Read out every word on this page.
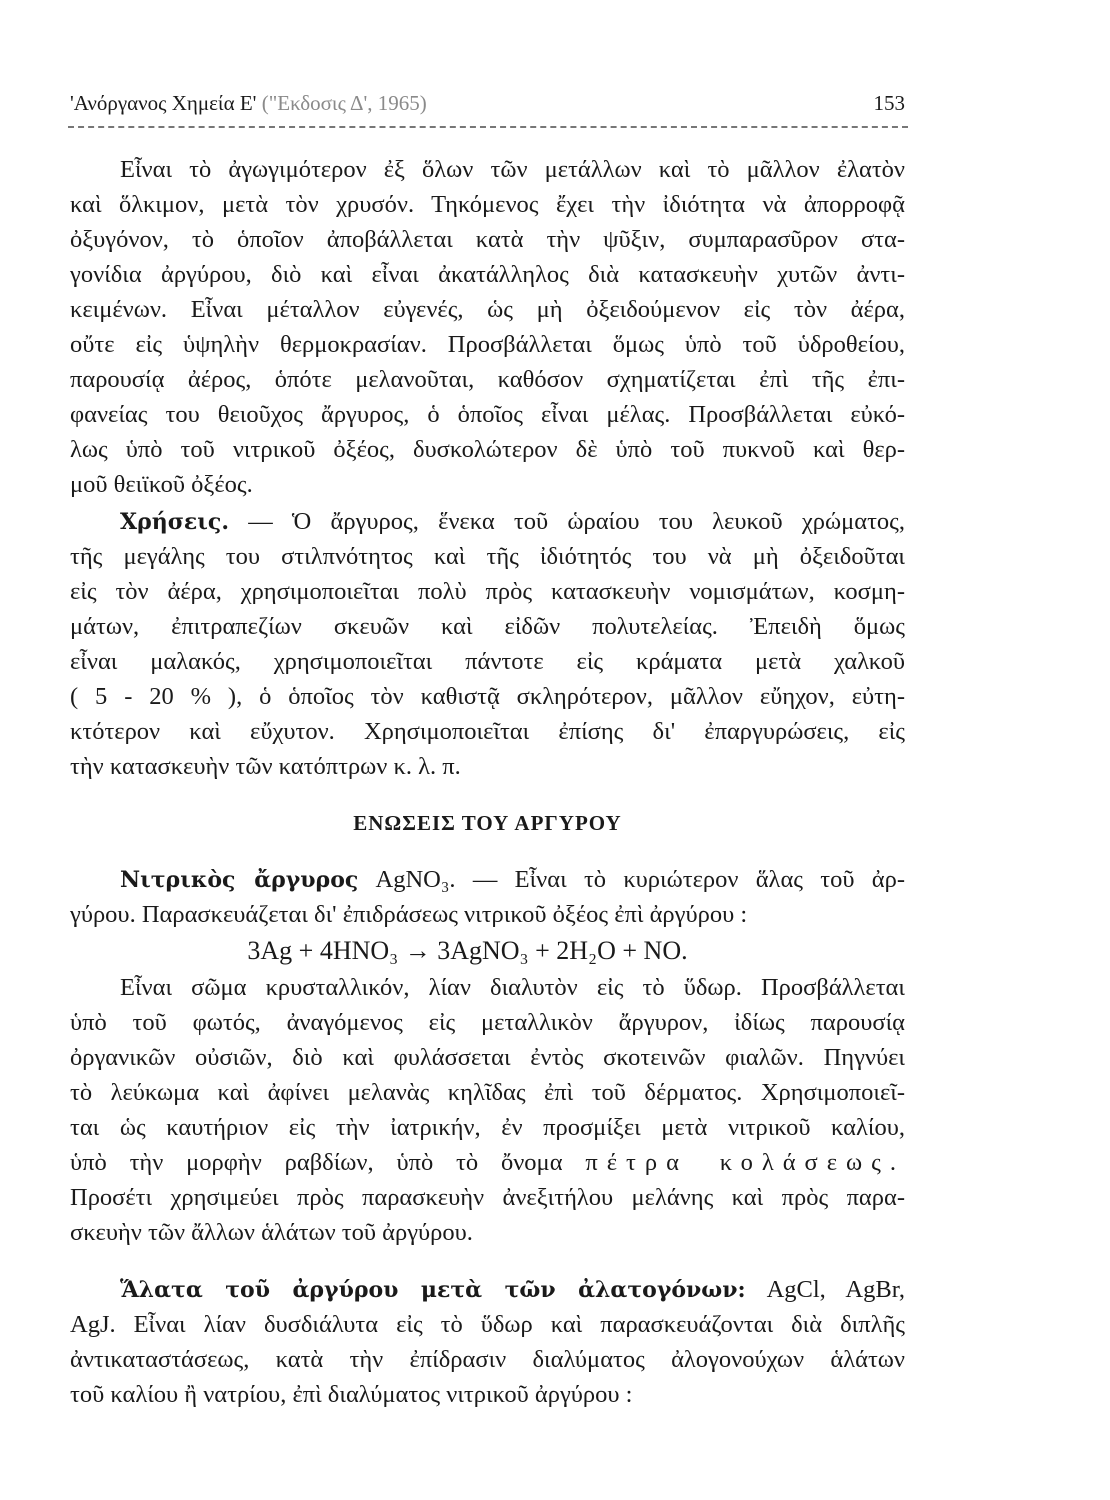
'Ανόργανος Χημεία Ε' ("Εκδοσις Δ', 1965)	153
Εἶναι τὸ ἀγωγιμότερον ἐξ ὅλων τῶν μετάλλων καὶ τὸ μᾶλλον ἐλατὸν
καὶ ὅλκιμον, μετὰ τὸν χρυσόν. Τηκόμενος ἔχει τὴν ἰδιότητα νὰ ἀπορροφᾷ
ὀξυγόνον, τὸ ὁποῖον ἀποβάλλεται κατὰ τὴν ψῦξιν, συμπαρασῦρον στα-
γονίδια ἀργύρου, διὸ καὶ εἶναι ἀκατάλληλος διὰ κατασκευὴν χυτῶν ἀντι-
κειμένων. Εἶναι μέταλλον εὐγενές, ὡς μὴ ὀξειδούμενον εἰς τὸν ἀέρα,
οὔτε εἰς ὑψηλὴν θερμοκρασίαν. Προσβάλλεται ὅμως ὑπὸ τοῦ ὑδροθείου,
παρουσίᾳ ἀέρος, ὁπότε μελανοῦται, καθόσον σχηματίζεται ἐπὶ τῆς ἐπι-
φανείας του θειοῦχος ἄργυρος, ὁ ὁποῖος εἶναι μέλας. Προσβάλλεται εὐκό-
λως ὑπὸ τοῦ νιτρικοῦ ὀξέος, δυσκολώτερον δὲ ὑπὸ τοῦ πυκνοῦ καὶ θερ-
μοῦ θειϊκοῦ ὀξέος.
Χρήσεις. — Ὁ ἄργυρος, ἕνεκα τοῦ ὡραίου του λευκοῦ χρώματος,
τῆς μεγάλης του στιλπνότητος καὶ τῆς ἰδιότητός του νὰ μὴ ὀξειδοῦται
εἰς τὸν ἀέρα, χρησιμοποιεῖται πολὺ πρὸς κατασκευὴν νομισμάτων, κοσμη-
μάτων, ἐπιτραπεζίων σκευῶν καὶ εἰδῶν πολυτελείας. Ἐπειδὴ ὅμως
εἶναι μαλακός, χρησιμοποιεῖται πάντοτε εἰς κράματα μετὰ χαλκοῦ
( 5 - 20 % ), ὁ ὁποῖος τὸν καθιστᾷ σκληρότερον, μᾶλλον εὔηχον, εὐτη-
κτότερον καὶ εὔχυτον. Χρησιμοποιεῖται ἐπίσης δι' ἐπαργυρώσεις, εἰς
τὴν κατασκευὴν τῶν κατόπτρων κ. λ. π.
ΕΝΩΣΕΙΣ ΤΟΥ ΑΡΓΥΡΟΥ
Νιτρικὸς ἄργυρος AgNO₃. — Εἶναι τὸ κυριώτερον ἅλας τοῦ ἀρ-
γύρου. Παρασκευάζεται δι' ἐπιδράσεως νιτρικοῦ ὀξέος ἐπὶ ἀργύρου :
3Ag + 4HNO₃ → 3AgNO₃ + 2H₂O + NO.
Εἶναι σῶμα κρυσταλλικόν, λίαν διαλυτὸν εἰς τὸ ὕδωρ. Προσβάλλεται
ὑπὸ τοῦ φωτός, ἀναγόμενος εἰς μεταλλικὸν ἄργυρον, ἰδίως παρουσίᾳ
ὀργανικῶν οὐσιῶν, διὸ καὶ φυλάσσεται ἐντὸς σκοτεινῶν φιαλῶν. Πηγνύει
τὸ λεύκωμα καὶ ἀφίνει μελανὰς κηλῖδας ἐπὶ τοῦ δέρματος. Χρησιμοποιεῖ-
ται ὡς καυτήριον εἰς τὴν ἰατρικήν, ἐν προσμίξει μετὰ νιτρικοῦ καλίου,
ὑπὸ τὴν μορφὴν ραβδίων, ὑπὸ τὸ ὄνομα πέτρα κολάσεως.
Προσέτι χρησιμεύει πρὸς παρασκευὴν ἀνεξιτήλου μελάνης καὶ πρὸς παρα-
σκευὴν τῶν ἄλλων ἁλάτων τοῦ ἀργύρου.
Ἅλατα τοῦ ἀργύρου μετὰ τῶν ἀλατογόνων: AgCl, AgBr,
AgJ. Εἶναι λίαν δυσδιάλυτα εἰς τὸ ὕδωρ καὶ παρασκευάζονται διὰ διπλῆς
ἀντικαταστάσεως, κατὰ τὴν ἐπίδρασιν διαλύματος ἀλογονούχων ἁλάτων
τοῦ καλίου ἢ νατρίου, ἐπὶ διαλύματος νιτρικοῦ ἀργύρου :
